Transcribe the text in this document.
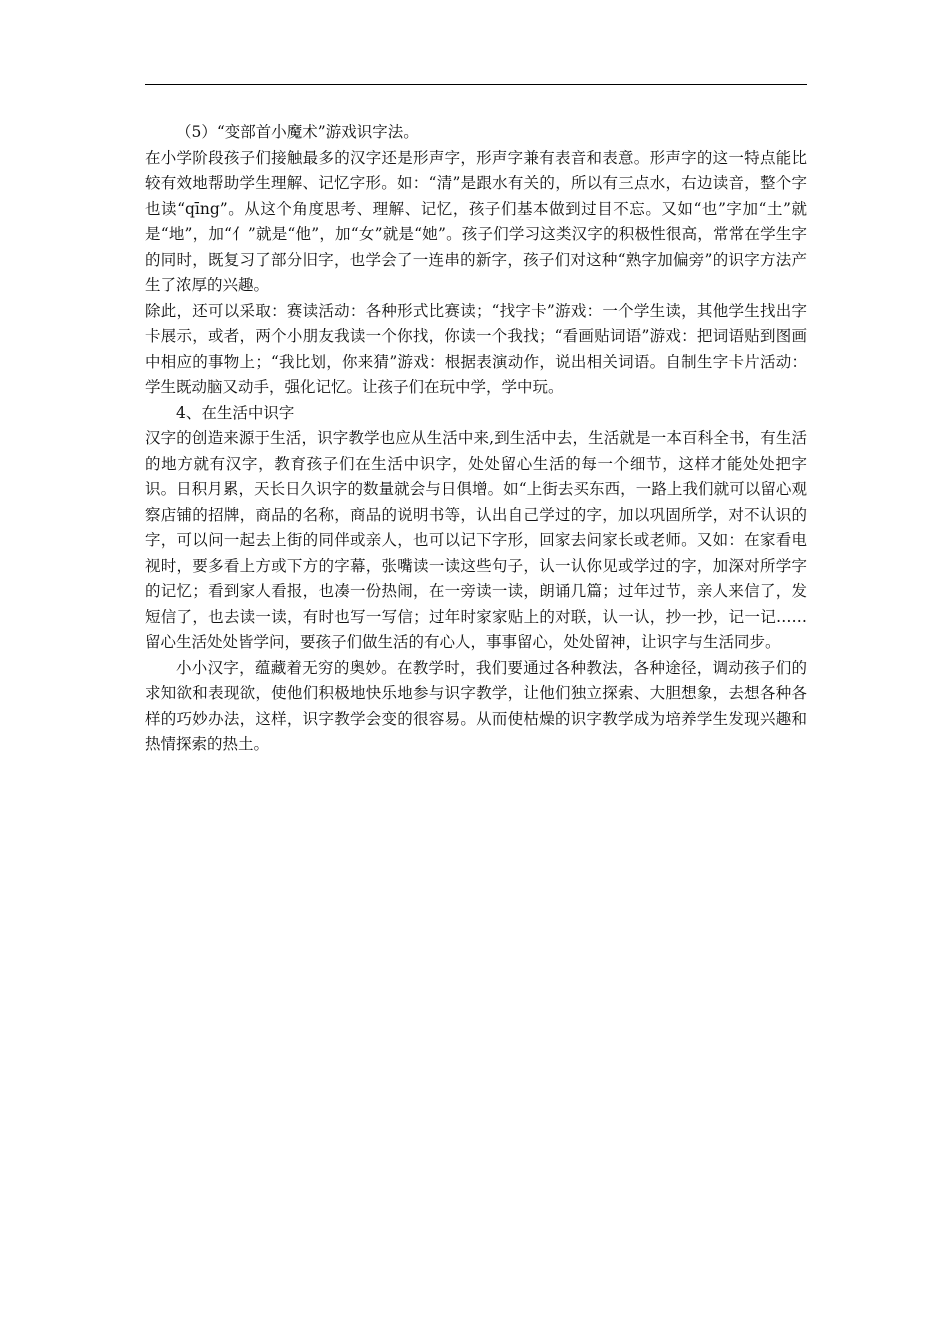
（5）“变部首小魔术”游戏识字法。

在小学阶段孩子们接触最多的汉字还是形声字，形声字兼有表音和表意。形声字的这一特点能比较有效地帮助学生理解、记忆字形。如：“清”是跟水有关的，所以有三点水，右边读音，整个字也读“qīng”。从这个角度思考、理解、记忆，孩子们基本做到过目不忘。又如“也”字加“土”就是“地”，加“亻”就是“他”，加“女”就是“她”。孩子们学习这类汉字的积极性很高，常常在学生字的同时，既复习了部分旧字，也学会了一连串的新字，孩子们对这种“熟字加偏旁”的识字方法产生了浓厚的兴趣。

除此，还可以采取：赛读活动：各种形式比赛读；“找字卡”游戏：一个学生读，其他学生找出字卡展示，或者，两个小朋友我读一个你找，你读一个我找；“看画贴词语”游戏：把词语贴到图画中相应的事物上；“我比划，你来猜”游戏：根据表演动作，说出相关词语。自制生字卡片活动：学生既动脑又动手，强化记忆。让孩子们在玩中学，学中玩。

4、在生活中识字

汉字的创造来源于生活，识字教学也应从生活中来,到生活中去，生活就是一本百科全书，有生活的地方就有汉字，教育孩子们在生活中识字，处处留心生活的每一个细节，这样才能处处把字识。日积月累，天长日久识字的数量就会与日俱增。如“上街去买东西，一路上我们就可以留心观察店铺的招牌，商品的名称，商品的说明书等，认出自己学过的字，加以巩固所学，对不认识的字，可以问一起去上街的同伴或亲人，也可以记下字形，回家去问家长或老师。又如：在家看电视时，要多看上方或下方的字幕，张嘴读一读这些句子，认一认你见或学过的字，加深对所学字的记忆；看到家人看报，也凑一份热闹，在一旁读一读，朗诵几篇；过年过节，亲人来信了，发短信了，也去读一读，有时也写一写信；过年时家家贴上的对联，认一认，抄一抄，记一记……留心生活处处皆学问，要孩子们做生活的有心人，事事留心，处处留神，让识字与生活同步。

小小汉字，蕴藏着无穷的奥妙。在教学时，我们要通过各种教法，各种途径，调动孩子们的求知欲和表现欲，使他们积极地快乐地参与识字教学，让他们独立探索、大胆想象，去想各种各样的巧妙办法，这样，识字教学会变的很容易。从而使枯燥的识字教学成为培养学生发现兴趣和热情探索的热土。
